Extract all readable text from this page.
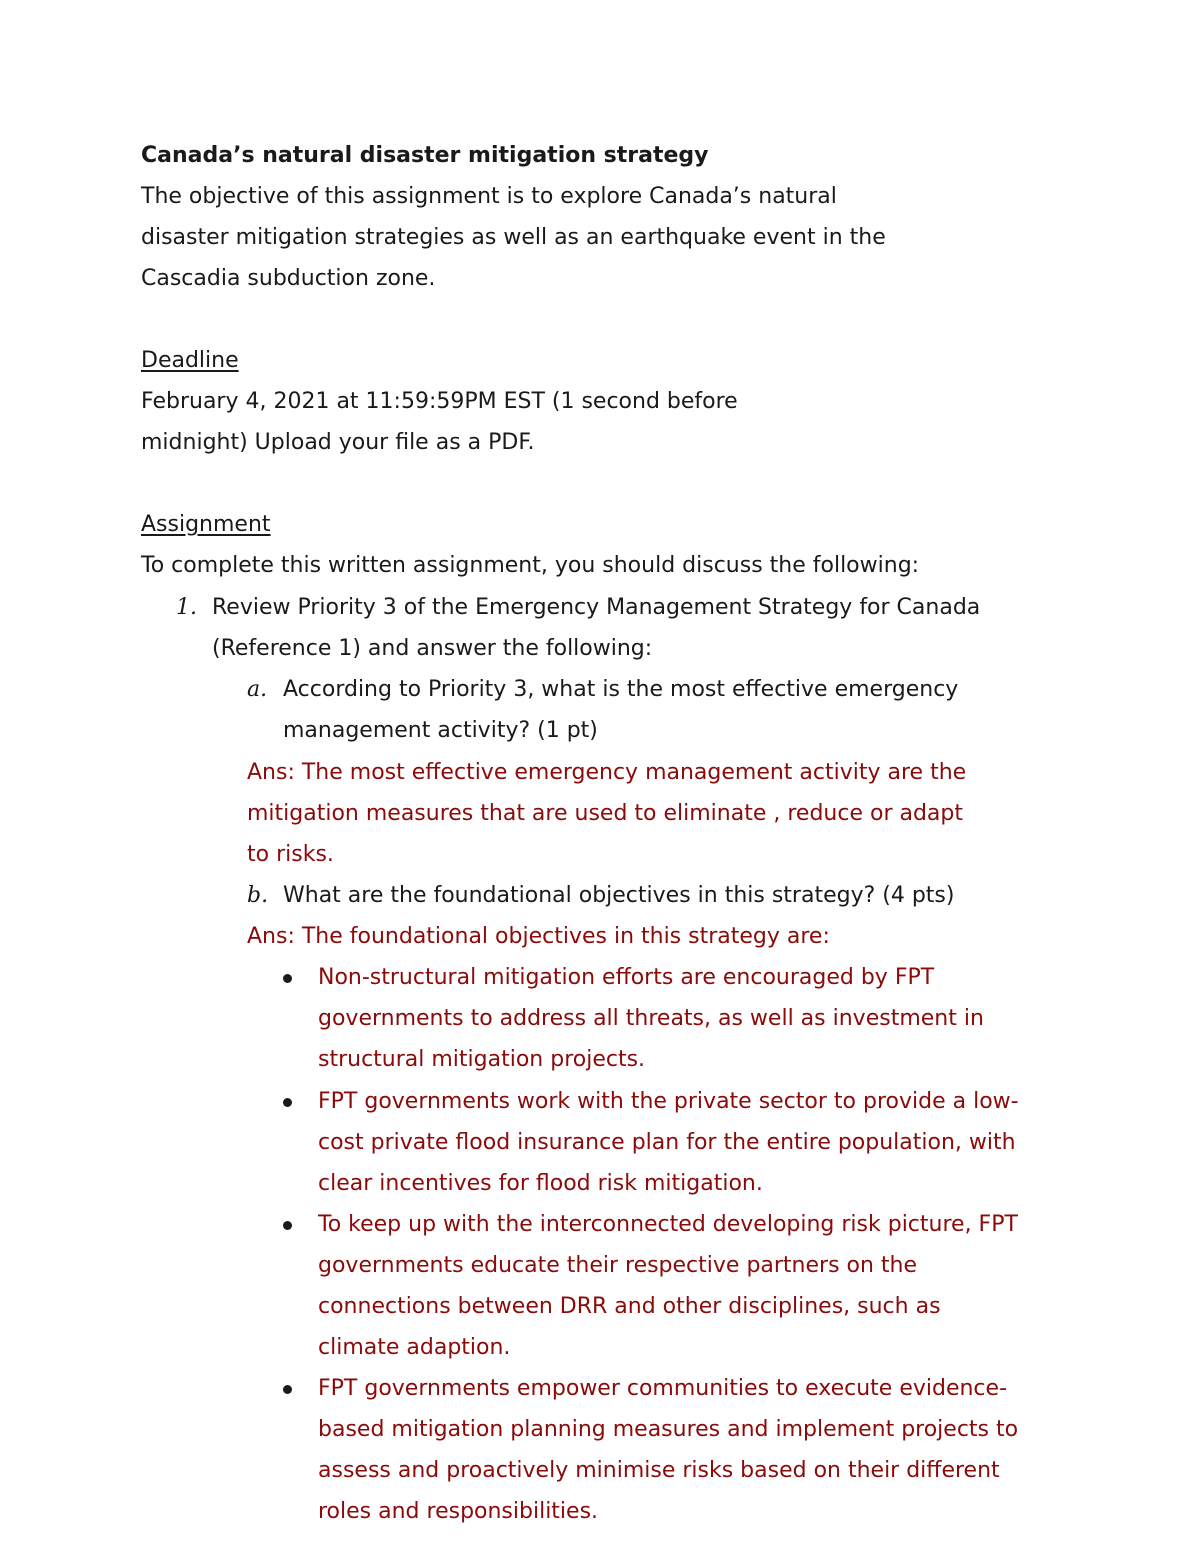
Canada’s natural disaster mitigation strategy
The objective of this assignment is to explore Canada’s natural
disaster mitigation strategies as well as an earthquake event in the
Cascadia subduction zone.
Deadline
February 4, 2021 at 11:59:59PM EST (1 second before
midnight) Upload your file as a PDF.
Assignment
To complete this written assignment, you should discuss the following:
1. Review Priority 3 of the Emergency Management Strategy for Canada
(Reference 1) and answer the following:
a. According to Priority 3, what is the most effective emergency
management activity? (1 pt)
Ans: The most effective emergency management activity are the
mitigation measures that are used to eliminate , reduce or adapt
to risks.
b. What are the foundational objectives in this strategy? (4 pts)
Ans: The foundational objectives in this strategy are:
Non-structural mitigation efforts are encouraged by FPT
governments to address all threats, as well as investment in
structural mitigation projects.
FPT governments work with the private sector to provide a low-
cost private flood insurance plan for the entire population, with
clear incentives for flood risk mitigation.
To keep up with the interconnected developing risk picture, FPT
governments educate their respective partners on the
connections between DRR and other disciplines, such as
climate adaption.
FPT governments empower communities to execute evidence-
based mitigation planning measures and implement projects to
assess and proactively minimise risks based on their different
roles and responsibilities.
